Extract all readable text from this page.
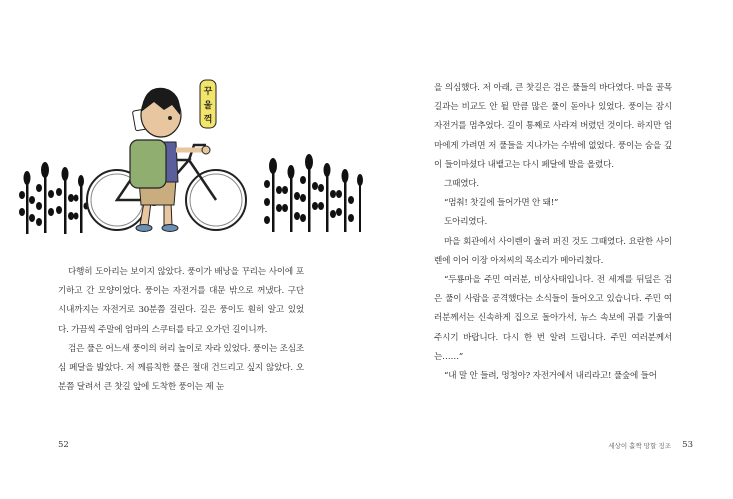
꾸
울
꺽

다행히 도아리는 보이지 않았다. 풍이가 배낭을 꾸리는 사이에 포기하고 간 모양이었다. 풍이는 자전거를 대문 밖으로 꺼냈다. 구단 시내까지는 자전거로 30분쯤 걸린다. 길은 풍이도 훤히 알고 있었다. 가끔씩 주말에 엄마의 스쿠터를 타고 오가던 길이니까.

검은 풀은 어느새 풍이의 허리 높이로 자라 있었다. 풍이는 조심조심 페달을 밟았다. 저 께름칙한 풀은 절대 건드리고 싶지 않았다. 오 분쯤 달려서 큰 찻길 앞에 도착한 풍이는 제 눈

52

을 의심했다. 저 아래, 큰 찻길은 검은 풀들의 바다였다. 마을 골목길과는 비교도 안 될 만큼 많은 풀이 돋아나 있었다. 풍이는 잠시 자전거를 멈추었다. 길이 통째로 사라져 버렸던 것이다. 하지만 엄마에게 가려면 저 풀들을 지나가는 수밖에 없었다. 풍이는 숨을 깊이 들이마셨다 내뱉고는 다시 페달에 발을 올렸다.

그때였다.

“멈춰! 찻길에 들어가면 안 돼!”

도아리였다.

마을 회관에서 사이렌이 울려 퍼진 것도 그때였다. 요란한 사이렌에 이어 이장 아저씨의 목소리가 메아리쳤다.

“두룡마을 주민 여러분, 비상사태입니다. 전 세계를 뒤덮은 검은 풀이 사람을 공격했다는 소식들이 들어오고 있습니다. 주민 여러분께서는 신속하게 집으로 돌아가서, 뉴스 속보에 귀를 기울여 주시기 바랍니다. 다시 한 번 알려 드립니다. 주민 여러분께서는……”

“내 말 안 들려, 멍청아? 자전거에서 내리라고! 풀숲에 들어

세상이 홀짝 망할 징조 53
